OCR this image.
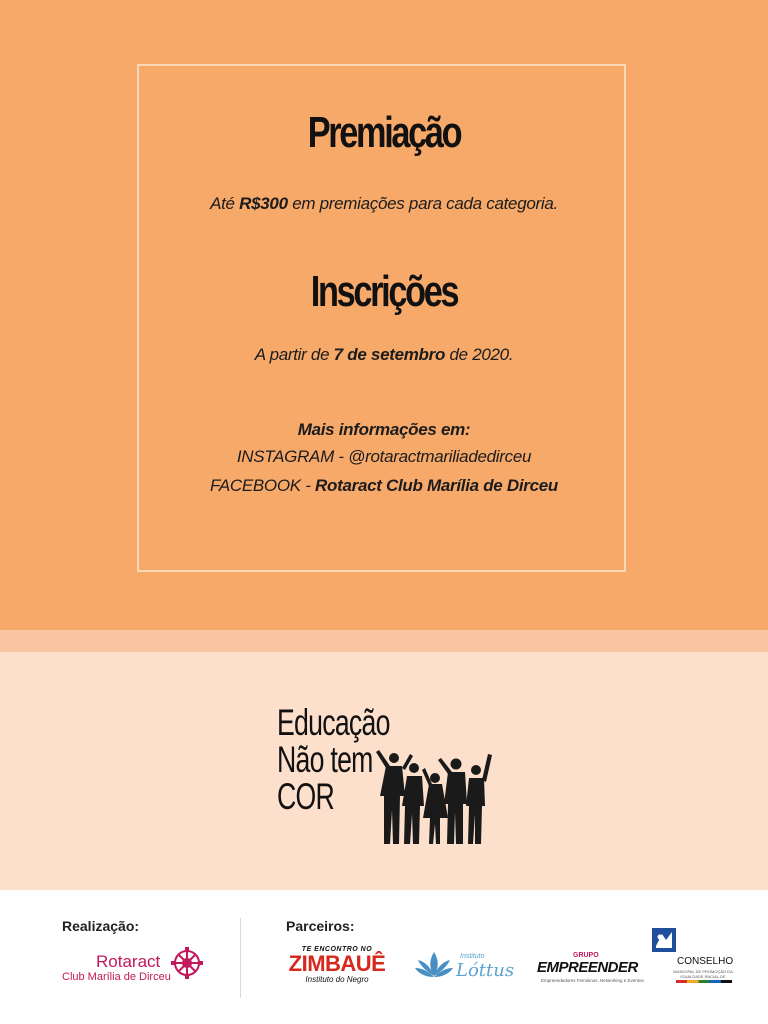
Premiação
Até R$300 em premiações para cada categoria.
Inscrições
A partir de 7 de setembro de 2020.
Mais informações em:
INSTAGRAM - @rotaractmariliadedirceu
FACEBOOK - Rotaract Club Marília de Dirceu
Educação
Não tem
COR
Realização:	Parceiros:
Rotaract
Club Marília de Dirceu
TE ENCONTRO NO
ZIMBAUÊ
Instituto do Negro
Instituto
Lóttus
GRUPO
EMPREENDER
Empreendedores Femininos, Networking e Eventos
CONSELHO
MUNICIPAL DE PROMOÇÃO DA IGUALDADE RACIAL DE
